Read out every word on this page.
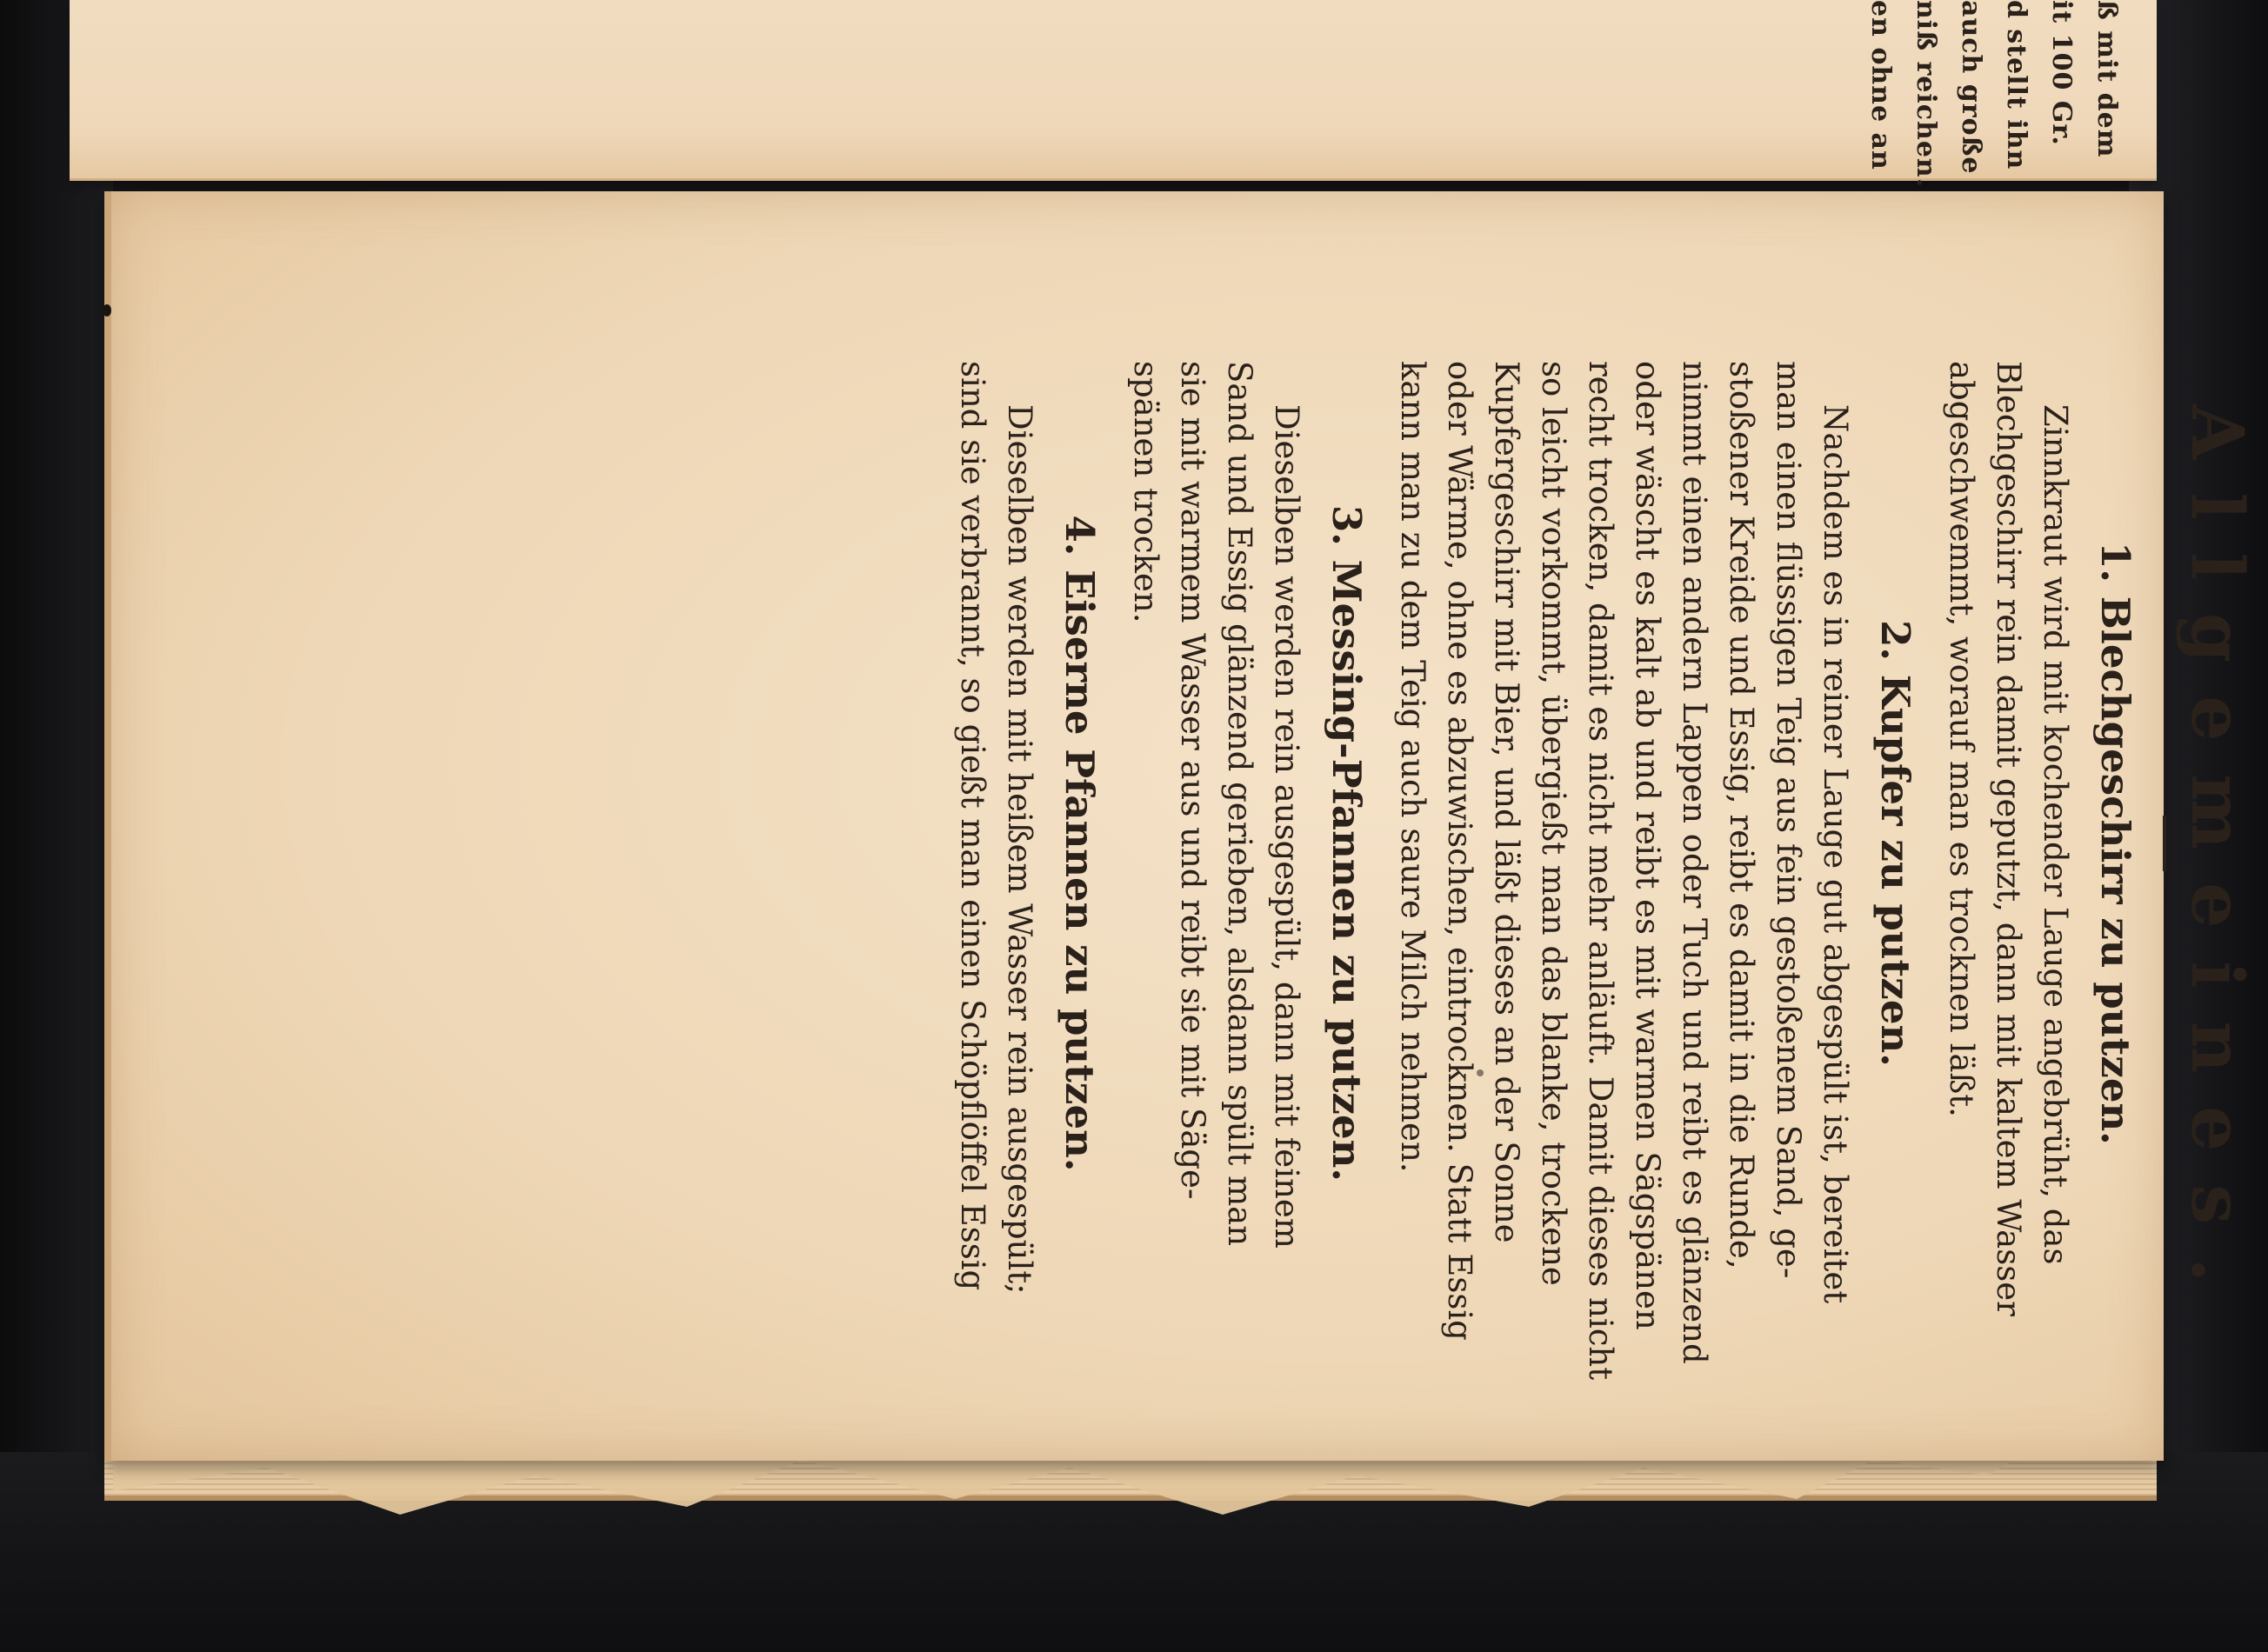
ß mit dem
it 100 Gr.
d stellt ihn
auch große
niß reichen.
en ohne an
Allgemeines.
1. Blechgeschirr zu putzen.

Zinnkraut wird mit kochender Lauge angebrüht, das
Blechgeschirr rein damit geputzt, dann mit kaltem Wasser
abgeschwemmt, worauf man es trocknen läßt.

2. Kupfer zu putzen.

Nachdem es in reiner Lauge gut abgespült ist, bereitet
man einen flüssigen Teig aus fein gestoßenem Sand, ge-
stoßener Kreide und Essig, reibt es damit in die Runde,
nimmt einen andern Lappen oder Tuch und reibt es glänzend
oder wäscht es kalt ab und reibt es mit warmen Sägspänen
recht trocken, damit es nicht mehr anläuft. Damit dieses nicht
so leicht vorkommt, übergießt man das blanke, trockene
Kupfergeschirr mit Bier, und läßt dieses an der Sonne
oder Wärme, ohne es abzuwischen, eintrocknen. Statt Essig
kann man zu dem Teig auch saure Milch nehmen.

3. Messing-Pfannen zu putzen.

Dieselben werden rein ausgespült, dann mit feinem
Sand und Essig glänzend gerieben, alsdann spült man
sie mit warmem Wasser aus und reibt sie mit Säge-
spänen trocken.

4. Eiserne Pfannen zu putzen.

Dieselben werden mit heißem Wasser rein ausgespült;
sind sie verbrannt, so gießt man einen Schöpflöffel Essig
